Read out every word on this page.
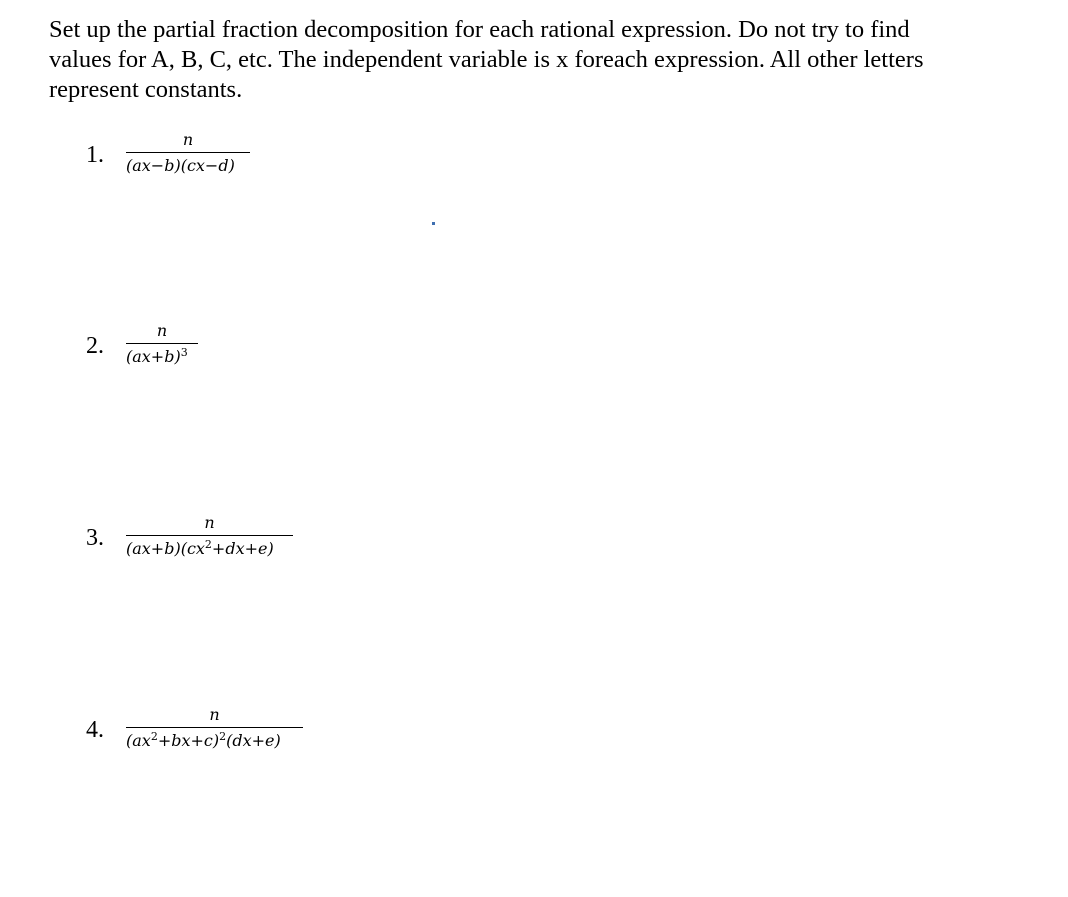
Set up the partial fraction decomposition for each rational expression. Do not try to find
values for A, B, C, etc. The independent variable is x foreach expression. All other letters
represent constants.

1.
n
(ax−b)(cx−d)
2.
n
$(ax+b)^3$
3.
n
$(ax+b)(cx^2+dx+e)$
4.
n
$(ax^2+bx+c)^2(dx+e)$
